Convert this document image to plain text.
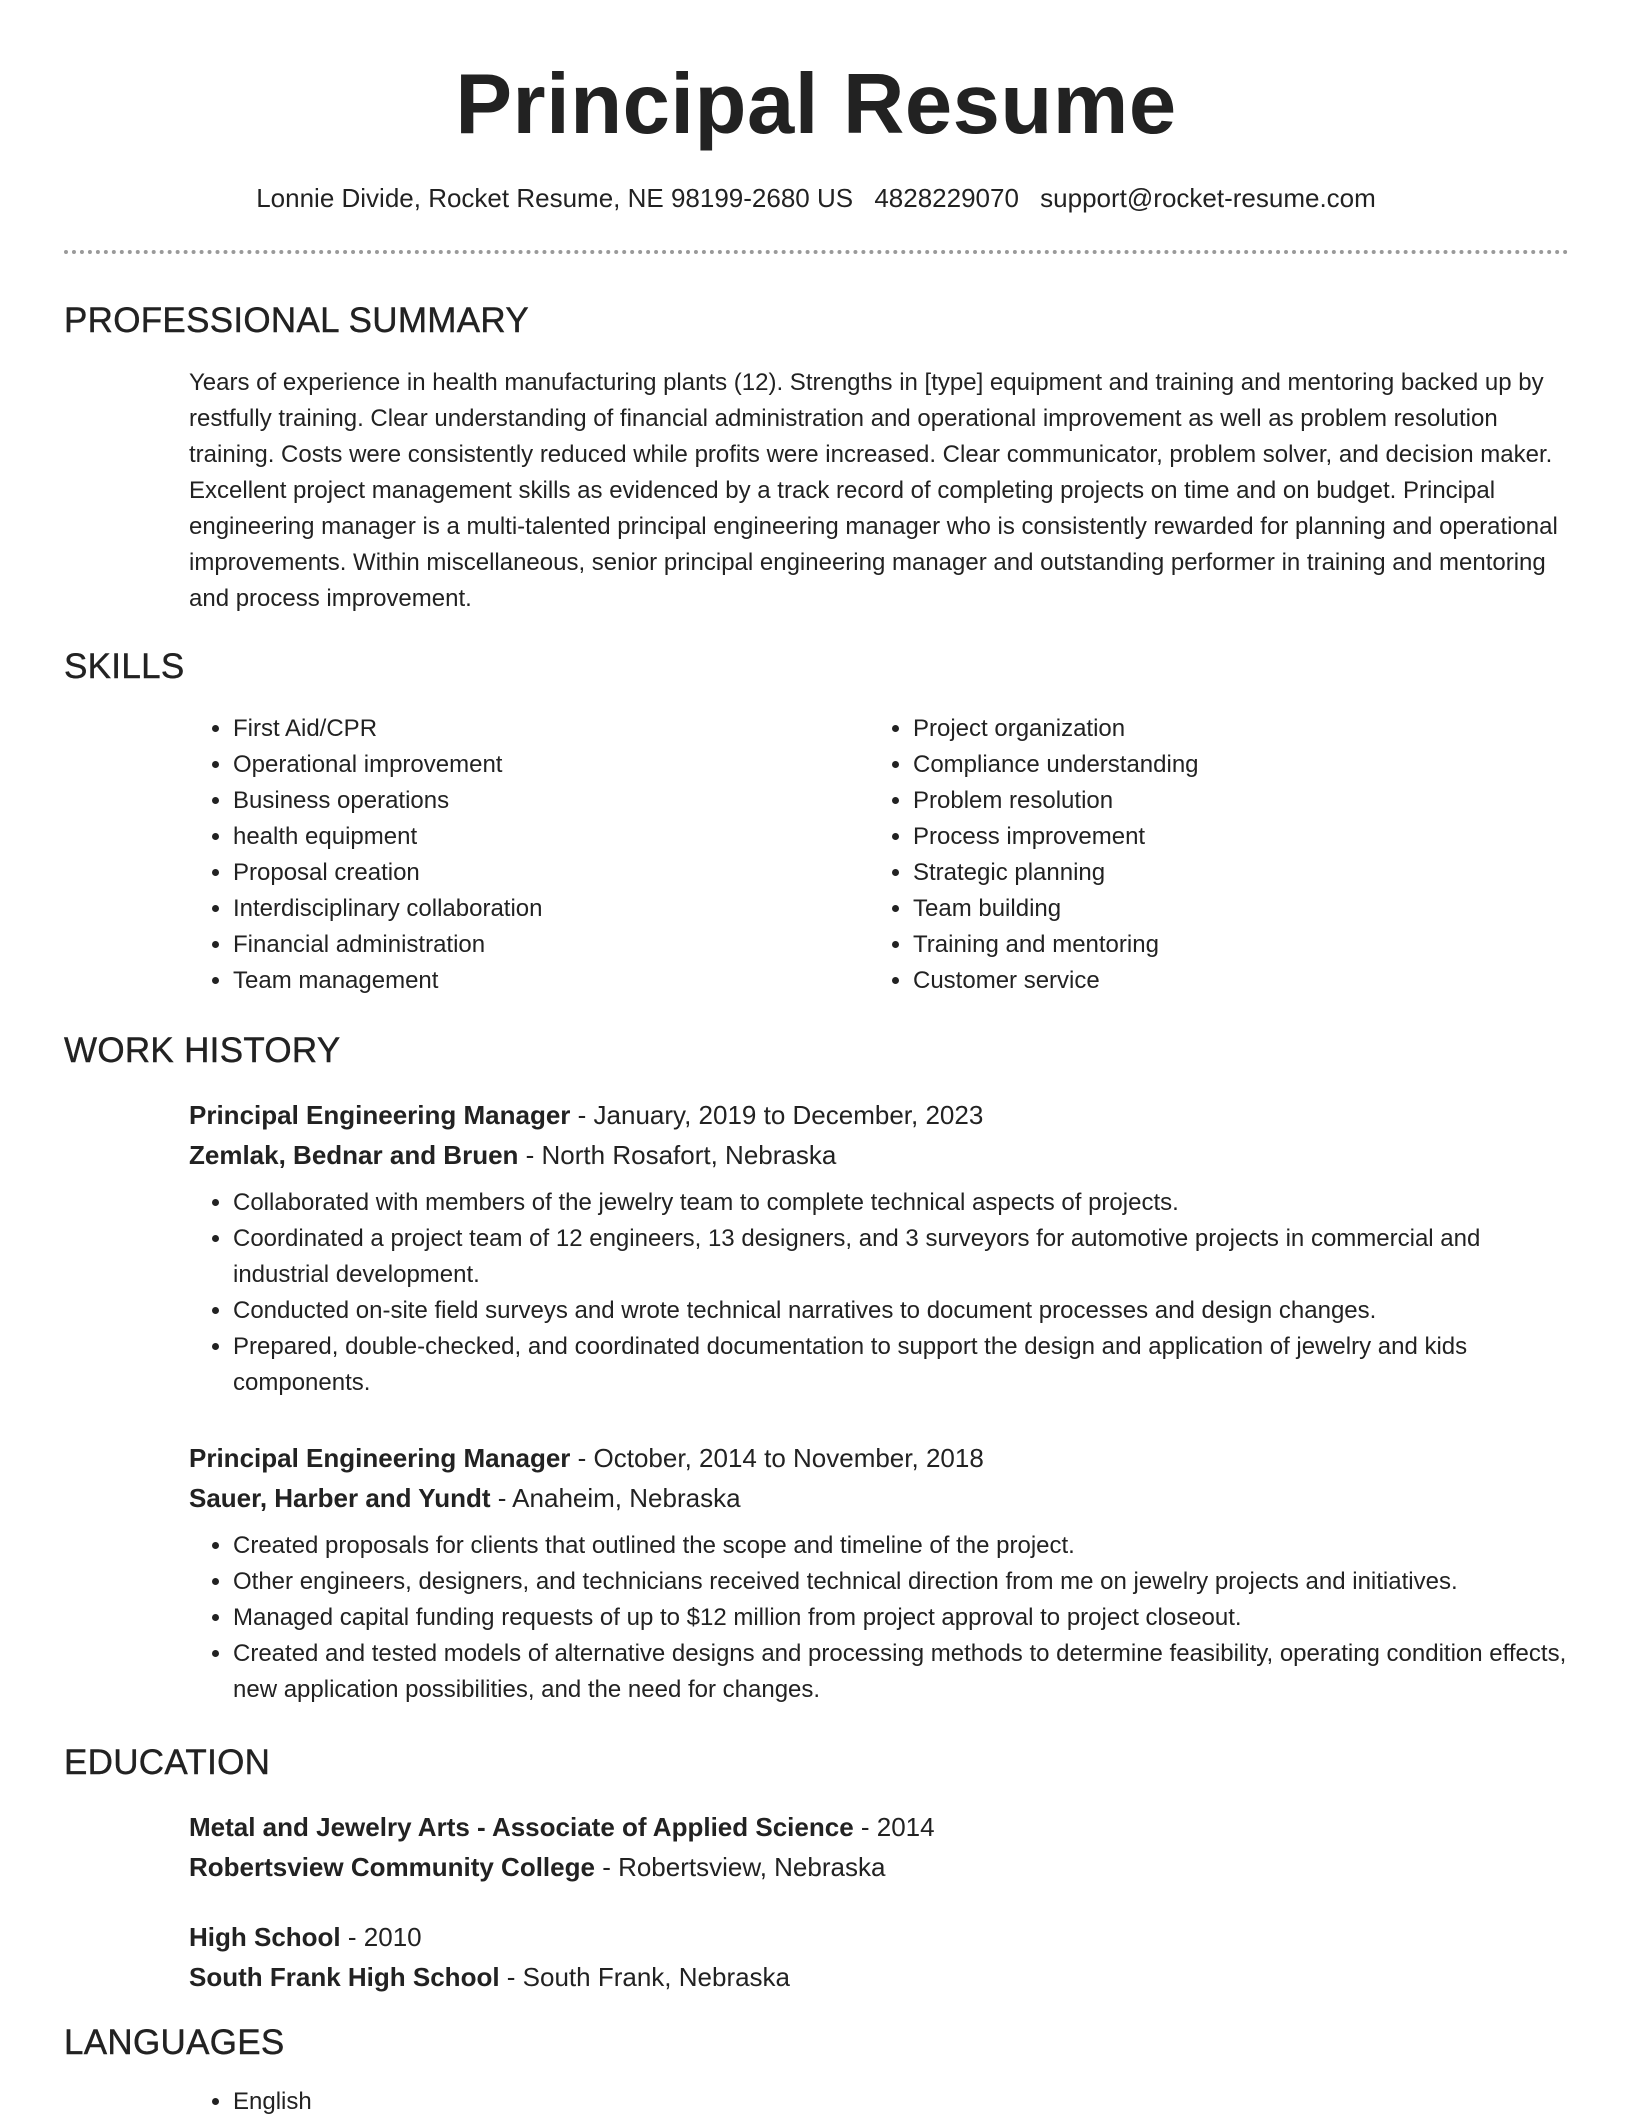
Principal Resume
Lonnie Divide, Rocket Resume, NE 98199-2680 US 4828229070 support@rocket-resume.com
PROFESSIONAL SUMMARY

Years of experience in health manufacturing plants (12). Strengths in [type] equipment and training and mentoring backed up by restfully training. Clear understanding of financial administration and operational improvement as well as problem resolution training. Costs were consistently reduced while profits were increased. Clear communicator, problem solver, and decision maker. Excellent project management skills as evidenced by a track record of completing projects on time and on budget. Principal engineering manager is a multi-talented principal engineering manager who is consistently rewarded for planning and operational improvements. Within miscellaneous, senior principal engineering manager and outstanding performer in training and mentoring and process improvement.

SKILLS
• First Aid/CPR
• Operational improvement
• Business operations
• health equipment
• Proposal creation
• Interdisciplinary collaboration
• Financial administration
• Team management
• Project organization
• Compliance understanding
• Problem resolution
• Process improvement
• Strategic planning
• Team building
• Training and mentoring
• Customer service
WORK HISTORY

Principal Engineering Manager - January, 2019 to December, 2023

Zemlak, Bednar and Bruen - North Rosafort, Nebraska

• Collaborated with members of the jewelry team to complete technical aspects of projects.
• Coordinated a project team of 12 engineers, 13 designers, and 3 surveyors for automotive projects in commercial and industrial development.
• Conducted on-site field surveys and wrote technical narratives to document processes and design changes.
• Prepared, double-checked, and coordinated documentation to support the design and application of jewelry and kids components.

Principal Engineering Manager - October, 2014 to November, 2018

Sauer, Harber and Yundt - Anaheim, Nebraska

• Created proposals for clients that outlined the scope and timeline of the project.
• Other engineers, designers, and technicians received technical direction from me on jewelry projects and initiatives.
• Managed capital funding requests of up to $12 million from project approval to project closeout.
• Created and tested models of alternative designs and processing methods to determine feasibility, operating condition effects, new application possibilities, and the need for changes.
EDUCATION

Metal and Jewelry Arts - Associate of Applied Science - 2014

Robertsview Community College - Robertsview, Nebraska

High School - 2010

South Frank High School - South Frank, Nebraska

LANGUAGES
• English
